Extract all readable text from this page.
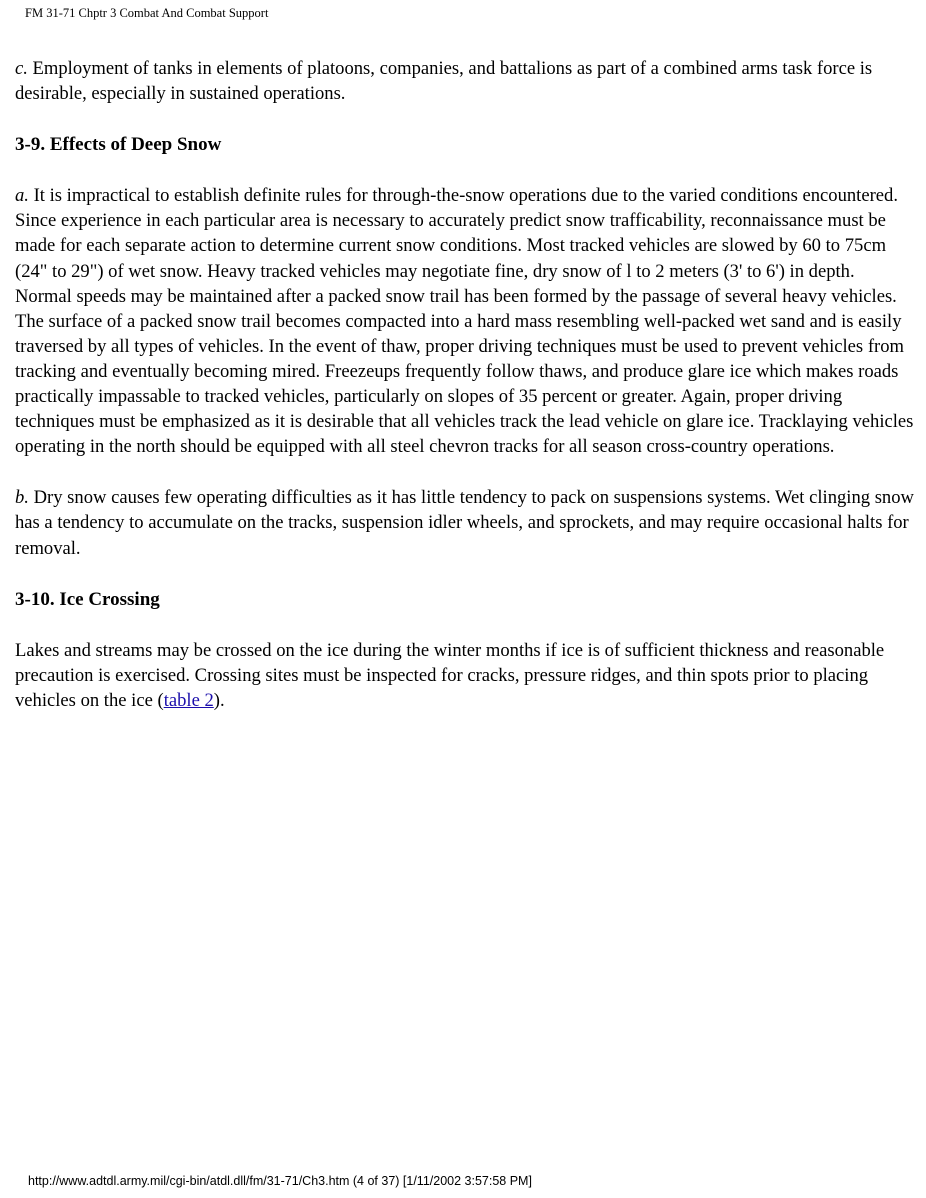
FM 31-71 Chptr 3 Combat And Combat Support

c. Employment of tanks in elements of platoons, companies, and battalions as part of a combined arms task force is desirable, especially in sustained operations.

3-9. Effects of Deep Snow

a. It is impractical to establish definite rules for through-the-snow operations due to the varied conditions encountered. Since experience in each particular area is necessary to accurately predict snow trafficability, reconnaissance must be made for each separate action to determine current snow conditions. Most tracked vehicles are slowed by 60 to 75cm (24" to 29") of wet snow. Heavy tracked vehicles may negotiate fine, dry snow of l to 2 meters (3' to 6') in depth. Normal speeds may be maintained after a packed snow trail has been formed by the passage of several heavy vehicles. The surface of a packed snow trail becomes compacted into a hard mass resembling well-packed wet sand and is easily traversed by all types of vehicles. In the event of thaw, proper driving techniques must be used to prevent vehicles from tracking and eventually becoming mired. Freezeups frequently follow thaws, and produce glare ice which makes roads practically impassable to tracked vehicles, particularly on slopes of 35 percent or greater. Again, proper driving techniques must be emphasized as it is desirable that all vehicles track the lead vehicle on glare ice. Tracklaying vehicles operating in the north should be equipped with all steel chevron tracks for all season cross-country operations.

b. Dry snow causes few operating difficulties as it has little tendency to pack on suspensions systems. Wet clinging snow has a tendency to accumulate on the tracks, suspension idler wheels, and sprockets, and may require occasional halts for removal.

3-10. Ice Crossing

Lakes and streams may be crossed on the ice during the winter months if ice is of sufficient thickness and reasonable precaution is exercised. Crossing sites must be inspected for cracks, pressure ridges, and thin spots prior to placing vehicles on the ice (table 2).

http://www.adtdl.army.mil/cgi-bin/atdl.dll/fm/31-71/Ch3.htm (4 of 37) [1/11/2002 3:57:58 PM]
